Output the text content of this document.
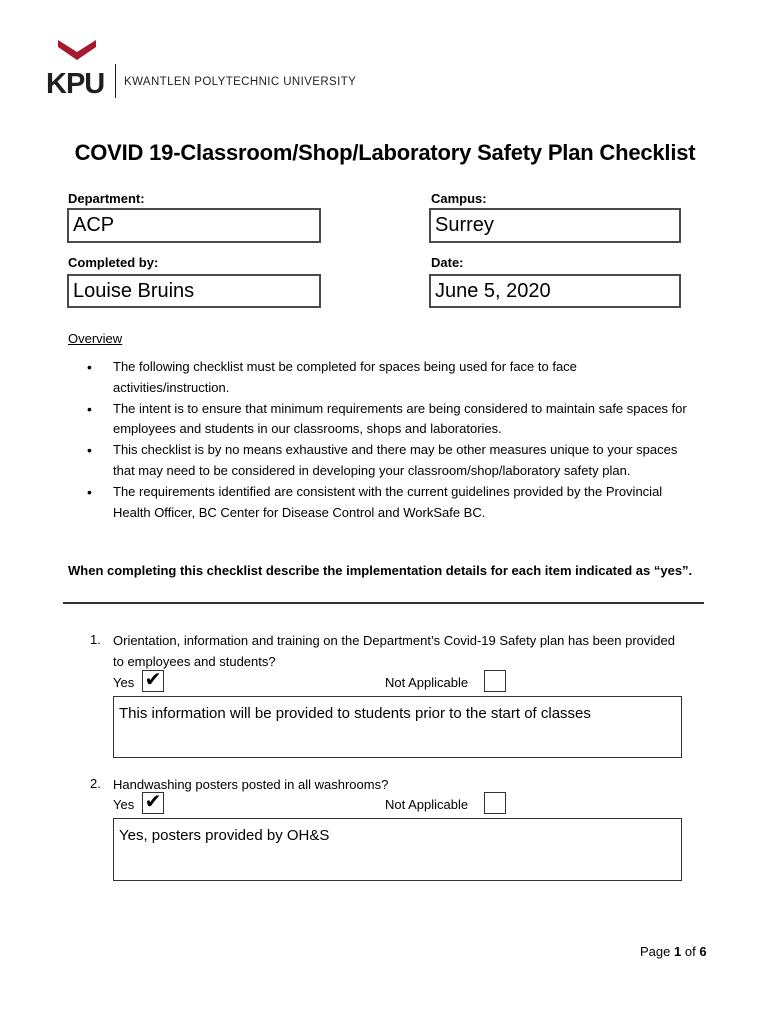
KPU KWANTLEN POLYTECHNIC UNIVERSITY
COVID 19-Classroom/Shop/Laboratory Safety Plan Checklist
Department:	Campus:
ACP	Surrey
Completed by:	Date:
Louise Bruins	June 5, 2020
Overview
• The following checklist must be completed for spaces being used for face to face activities/instruction.
• The intent is to ensure that minimum requirements are being considered to maintain safe spaces for employees and students in our classrooms, shops and laboratories.
• This checklist is by no means exhaustive and there may be other measures unique to your spaces that may need to be considered in developing your classroom/shop/laboratory safety plan.
• The requirements identified are consistent with the current guidelines provided by the Provincial Health Officer, BC Center for Disease Control and WorkSafe BC.
When completing this checklist describe the implementation details for each item indicated as “yes”.
1. Orientation, information and training on the Department’s Covid-19 Safety plan has been provided to employees and students?
Yes ✔	Not Applicable
This information will be provided to students prior to the start of classes
2. Handwashing posters posted in all washrooms?
Yes ✔	Not Applicable
Yes, posters provided by OH&S
Page 1 of 6
